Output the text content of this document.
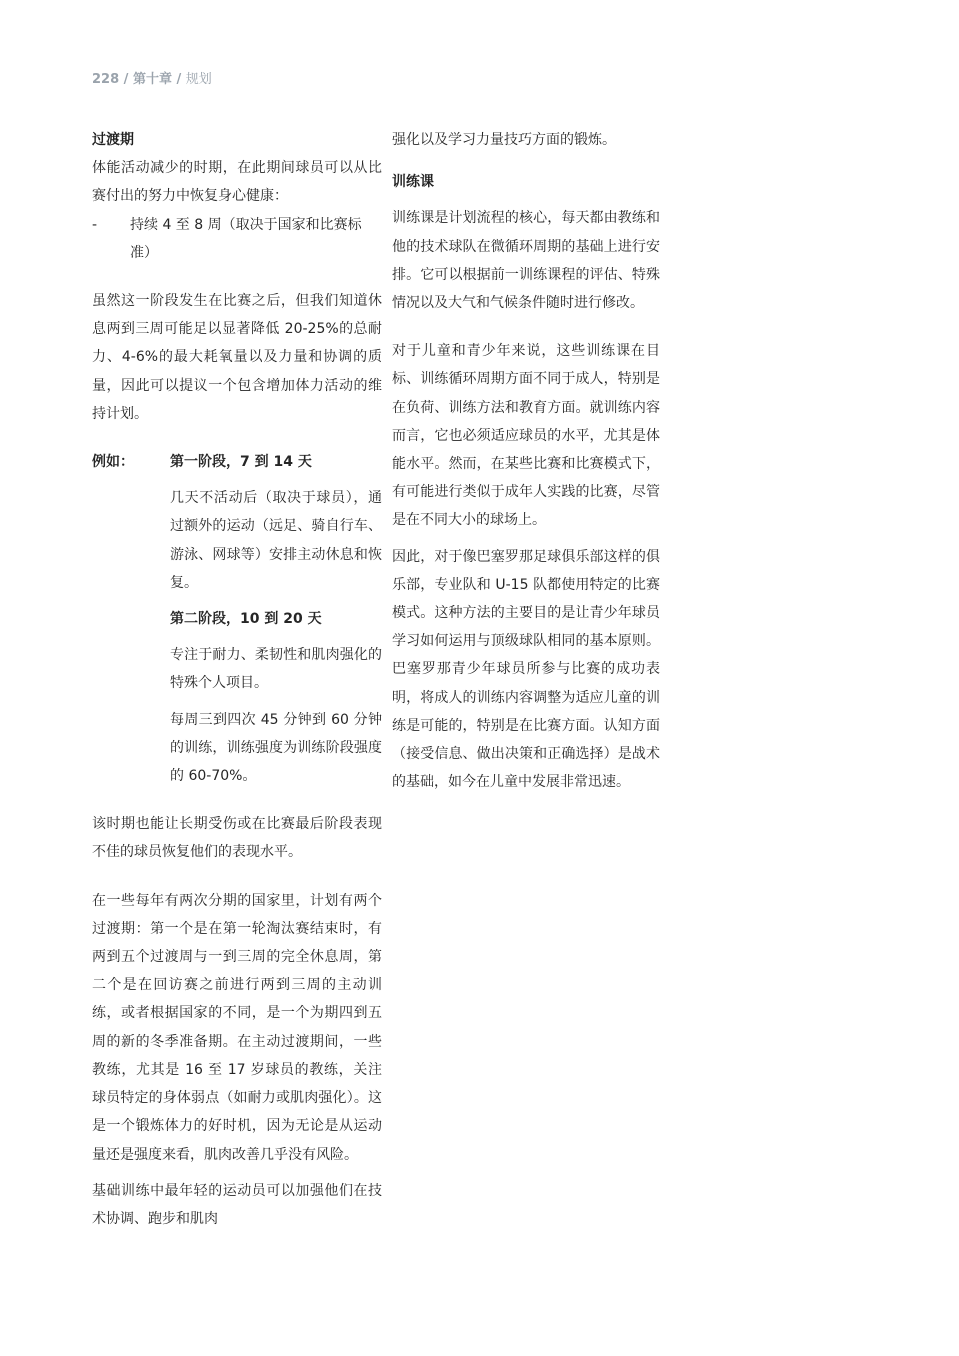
228 / 第十章 / 规划
过渡期

体能活动减少的时期，在此期间球员可以从比赛付出的努力中恢复身心健康：

-	持续 4 至 8 周（取决于国家和比赛标准）

虽然这一阶段发生在比赛之后，但我们知道休息两到三周可能足以显著降低 20-25%的总耐力、4-6%的最大耗氧量以及力量和协调的质量，因此可以提议一个包含增加体力活动的维持计划。

例如：	第一阶段，7 到 14 天

几天不活动后（取决于球员），通过额外的运动（远足、骑自行车、游泳、网球等）安排主动休息和恢复。

第二阶段，10 到 20 天

专注于耐力、柔韧性和肌肉强化的特殊个人项目。

每周三到四次 45 分钟到 60 分钟的训练，训练强度为训练阶段强度的 60-70%。

该时期也能让长期受伤或在比赛最后阶段表现不佳的球员恢复他们的表现水平。

在一些每年有两次分期的国家里，计划有两个过渡期：第一个是在第一轮淘汰赛结束时，有两到五个过渡周与一到三周的完全休息周，第二个是在回访赛之前进行两到三周的主动训练，或者根据国家的不同，是一个为期四到五周的新的冬季准备期。在主动过渡期间，一些教练，尤其是 16 至 17 岁球员的教练，关注球员特定的身体弱点（如耐力或肌肉强化）。这是一个锻炼体力的好时机，因为无论是从运动量还是强度来看，肌肉改善几乎没有风险。

基础训练中最年轻的运动员可以加强他们在技术协调、跑步和肌肉

强化以及学习力量技巧方面的锻炼。

训练课

训练课是计划流程的核心，每天都由教练和他的技术球队在微循环周期的基础上进行安排。它可以根据前一训练课程的评估、特殊情况以及大气和气候条件随时进行修改。

对于儿童和青少年来说，这些训练课在目标、训练循环周期方面不同于成人，特别是在负荷、训练方法和教育方面。就训练内容而言，它也必须适应球员的水平，尤其是体能水平。然而，在某些比赛和比赛模式下，有可能进行类似于成年人实践的比赛，尽管是在不同大小的球场上。

因此，对于像巴塞罗那足球俱乐部这样的俱乐部，专业队和 U-15 队都使用特定的比赛模式。这种方法的主要目的是让青少年球员学习如何运用与顶级球队相同的基本原则。巴塞罗那青少年球员所参与比赛的成功表明，将成人的训练内容调整为适应儿童的训练是可能的，特别是在比赛方面。认知方面（接受信息、做出决策和正确选择）是战术的基础，如今在儿童中发展非常迅速。
